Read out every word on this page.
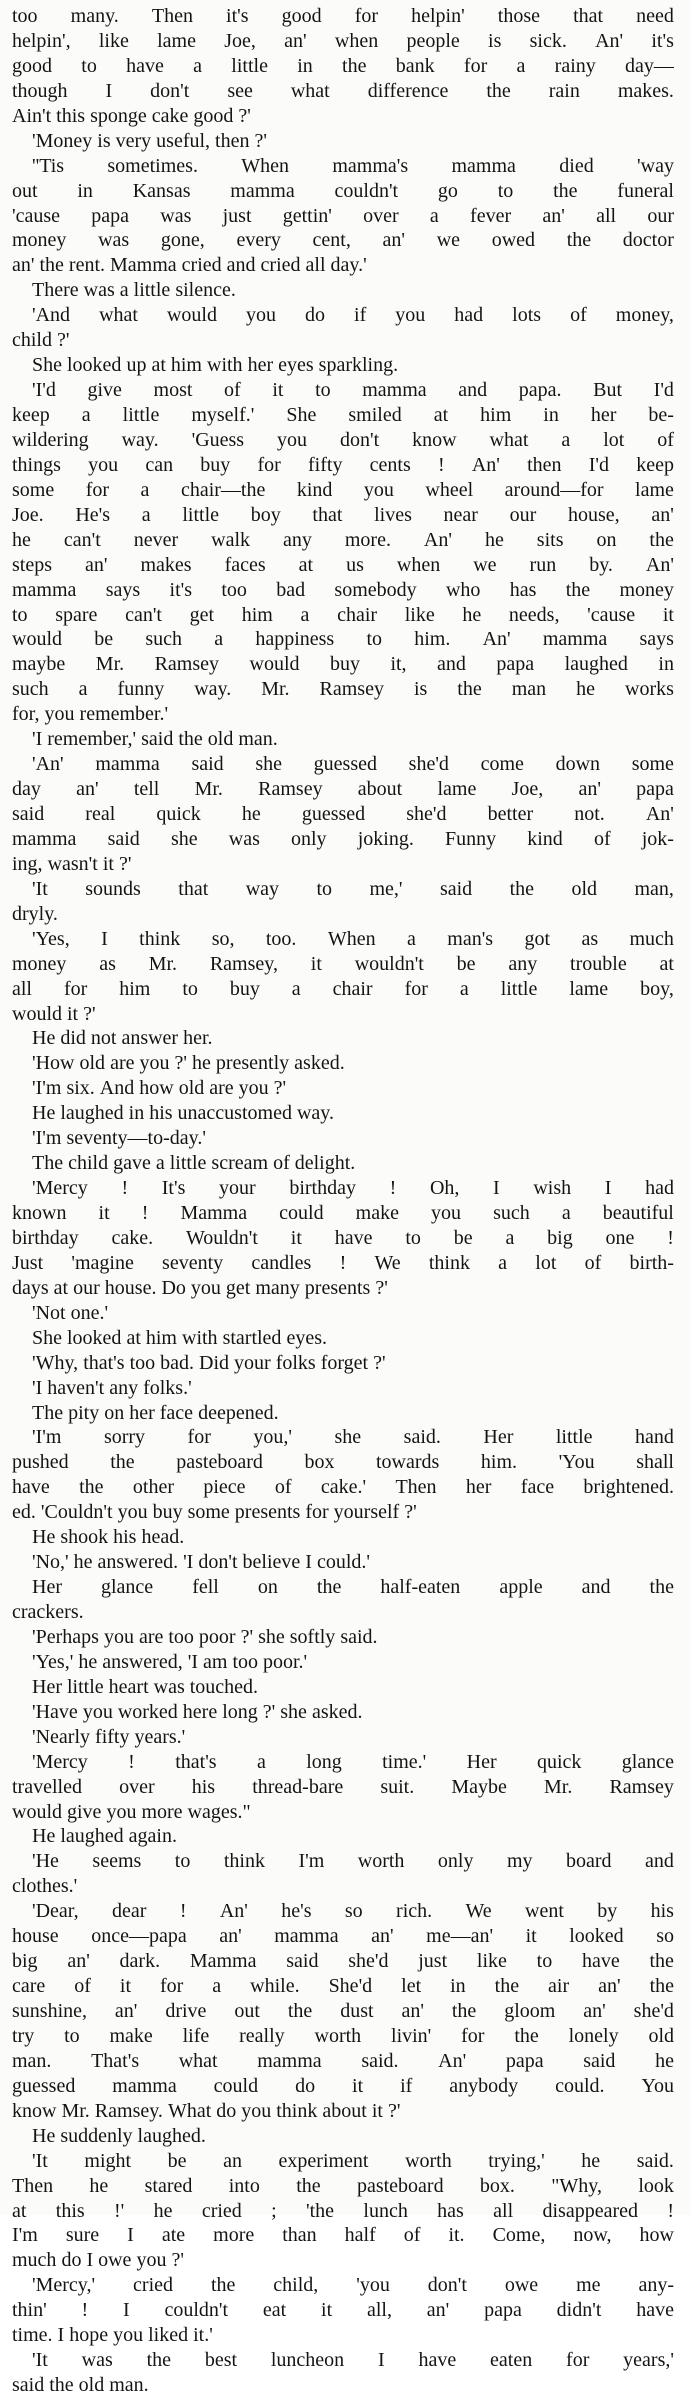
too many. Then it's good for helpin' those that need
helpin', like lame Joe, an' when people is sick. An' it's
good to have a little in the bank for a rainy day—
though I don't see what difference the rain makes.
Ain't this sponge cake good ?'
'Money is very useful, then ?'
''Tis sometimes. When mamma's mamma died 'way
out in Kansas mamma couldn't go to the funeral
'cause papa was just gettin' over a fever an' all our
money was gone, every cent, an' we owed the doctor
an' the rent. Mamma cried and cried all day.'
There was a little silence.
'And what would you do if you had lots of money,
child ?'
She looked up at him with her eyes sparkling.
'I'd give most of it to mamma and papa. But I'd
keep a little myself.' She smiled at him in her be-
wildering way. 'Guess you don't know what a lot of
things you can buy for fifty cents ! An' then I'd keep
some for a chair—the kind you wheel around—for lame
Joe. He's a little boy that lives near our house, an'
he can't never walk any more. An' he sits on the
steps an' makes faces at us when we run by. An'
mamma says it's too bad somebody who has the money
to spare can't get him a chair like he needs, 'cause it
would be such a happiness to him. An' mamma says
maybe Mr. Ramsey would buy it, and papa laughed in
such a funny way. Mr. Ramsey is the man he works
for, you remember.'
'I remember,' said the old man.
'An' mamma said she guessed she'd come down some
day an' tell Mr. Ramsey about lame Joe, an' papa
said real quick he guessed she'd better not. An'
mamma said she was only joking. Funny kind of jok-
ing, wasn't it ?'
'It sounds that way to me,' said the old man,
dryly.
'Yes, I think so, too. When a man's got as much
money as Mr. Ramsey, it wouldn't be any trouble at
all for him to buy a chair for a little lame boy,
would it ?'
He did not answer her.
'How old are you ?' he presently asked.
'I'm six. And how old are you ?'
He laughed in his unaccustomed way.
'I'm seventy—to-day.'
The child gave a little scream of delight.
'Mercy ! It's your birthday ! Oh, I wish I had
known it ! Mamma could make you such a beautiful
birthday cake. Wouldn't it have to be a big one !
Just 'magine seventy candles ! We think a lot of birth-
days at our house. Do you get many presents ?'
'Not one.'
She looked at him with startled eyes.
'Why, that's too bad. Did your folks forget ?'
'I haven't any folks.'
The pity on her face deepened.
'I'm sorry for you,' she said. Her little hand
pushed the pasteboard box towards him. 'You shall
have the other piece of cake.' Then her face brightened.
ed. 'Couldn't you buy some presents for yourself ?'
He shook his head.
'No,' he answered. 'I don't believe I could.'
Her glance fell on the half-eaten apple and the
crackers.
'Perhaps you are too poor ?' she softly said.
'Yes,' he answered, 'I am too poor.'
Her little heart was touched.
'Have you worked here long ?' she asked.
'Nearly fifty years.'
'Mercy ! that's a long time.' Her quick glance
travelled over his thread-bare suit. Maybe Mr. Ramsey
would give you more wages."
He laughed again.
'He seems to think I'm worth only my board and
clothes.'
'Dear, dear ! An' he's so rich. We went by his
house once—papa an' mamma an' me—an' it looked so
big an' dark. Mamma said she'd just like to have the
care of it for a while. She'd let in the air an' the
sunshine, an' drive out the dust an' the gloom an' she'd
try to make life really worth livin' for the lonely old
man. That's what mamma said. An' papa said he
guessed mamma could do it if anybody could. You
know Mr. Ramsey. What do you think about it ?'
He suddenly laughed.
'It might be an experiment worth trying,' he said.
Then he stared into the pasteboard box. "Why, look
at this !' he cried ; 'the lunch has all disappeared !
I'm sure I ate more than half of it. Come, now, how
much do I owe you ?'
'Mercy,' cried the child, 'you don't owe me any-
thin' ! I couldn't eat it all, an' papa didn't have
time. I hope you liked it.'
'It was the best luncheon I have eaten for years,'
said the old man.
